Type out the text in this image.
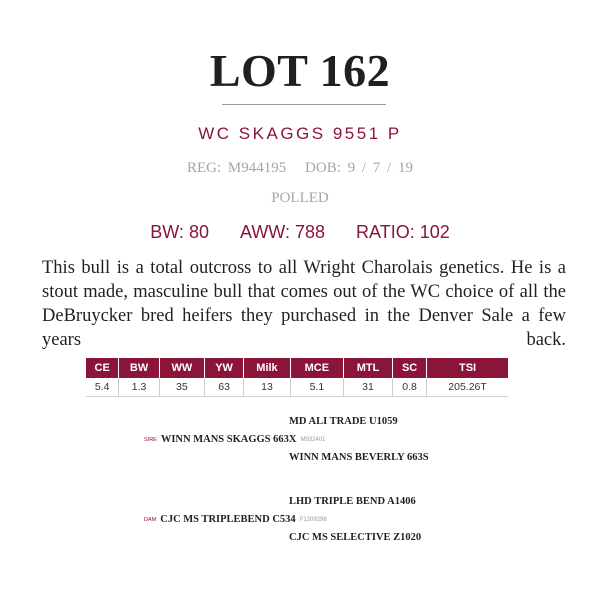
LOT 162
WC SKAGGS 9551 P
REG: M944195 DOB: 9 / 7 / 19
POLLED
BW: 80 AWW: 788 RATIO: 102
This bull is a total outcross to all Wright Charolais genetics. He is a stout made, masculine bull that comes out of the WC choice of all the DeBruycker bred heifers they purchased in the Denver Sale a few years back.
CE	BW	WW	YW	Milk	MCE	MTL	SC	TSI
5.4	1.3	35	63	13	5.1	31	0.8	205.26T
MD ALI TRADE U1059
SIRE WINN MANS SKAGGS 663X M932401
WINN MANS BEVERLY 663S
LHD TRIPLE BEND A1406
DAM CJC MS TRIPLEBEND C534 F1209296
CJC MS SELECTIVE Z1020
